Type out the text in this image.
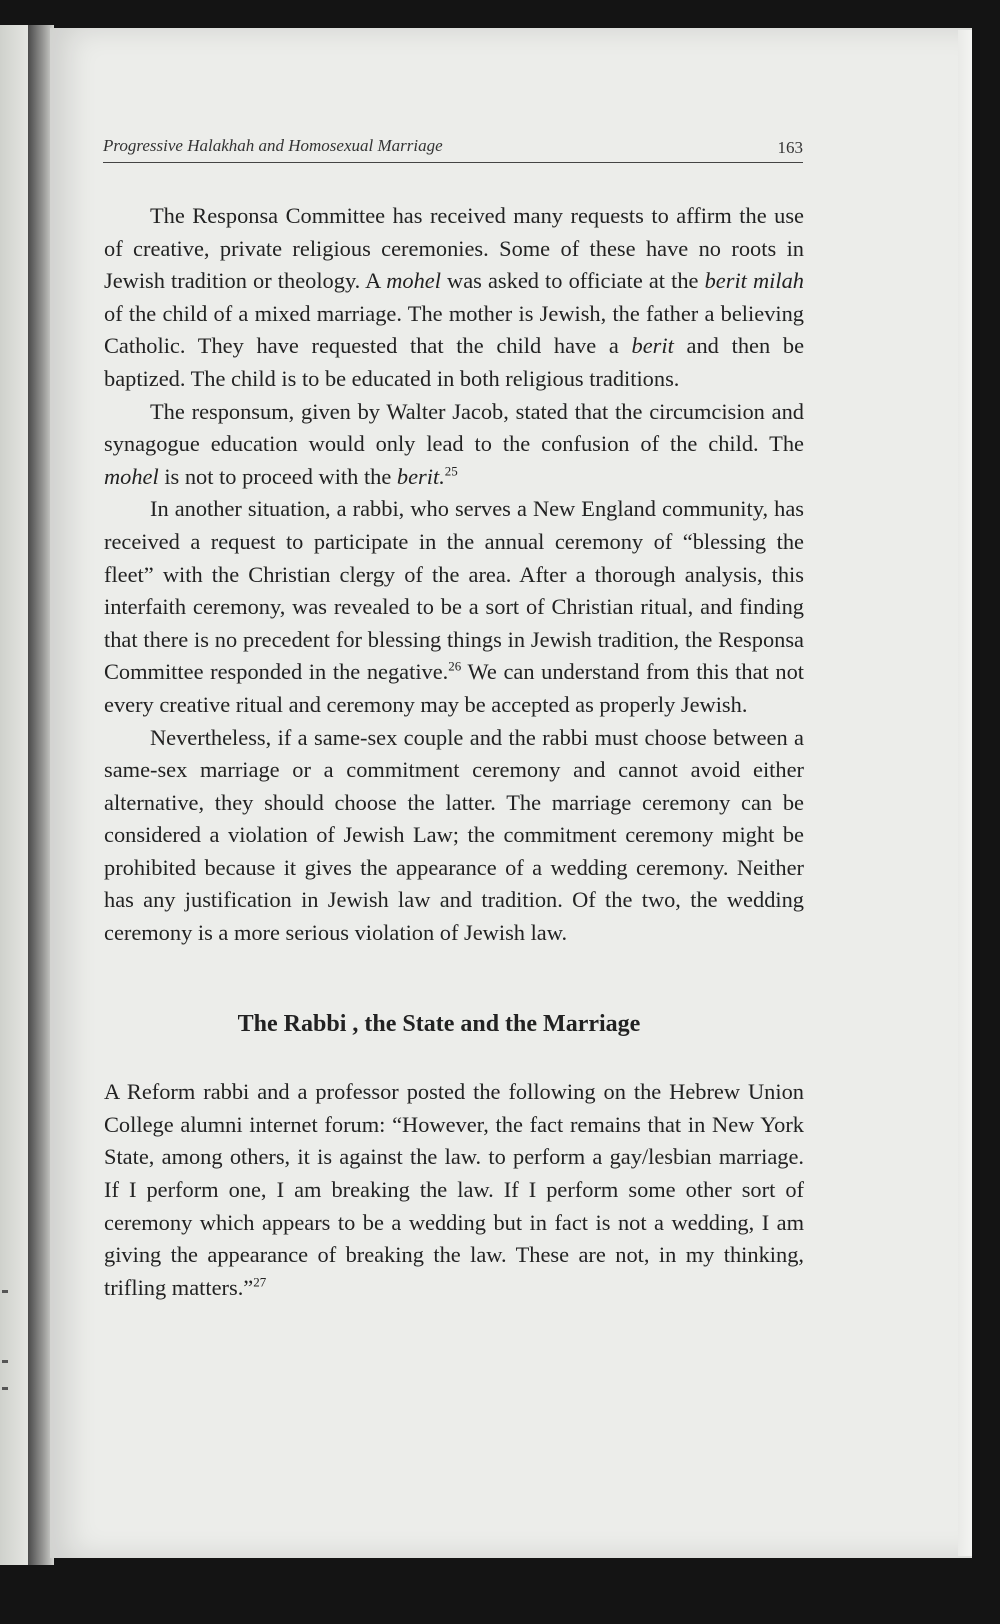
Progressive Halakhah and Homosexual Marriage	163

The Responsa Committee has received many requests to affirm the use of creative, private religious ceremonies. Some of these have no roots in Jewish tradition or theology. A mohel was asked to officiate at the berit milah of the child of a mixed marriage. The mother is Jewish, the father a believing Catholic. They have requested that the child have a berit and then be baptized. The child is to be educated in both religious traditions.

The responsum, given by Walter Jacob, stated that the circumcision and synagogue education would only lead to the confusion of the child. The mohel is not to proceed with the berit.$^{25}$

In another situation, a rabbi, who serves a New England community, has received a request to participate in the annual ceremony of “blessing the fleet” with the Christian clergy of the area. After a thorough analysis, this interfaith ceremony, was revealed to be a sort of Christian ritual, and finding that there is no precedent for blessing things in Jewish tradition, the Responsa Committee responded in the negative.$^{26}$ We can understand from this that not every creative ritual and ceremony may be accepted as properly Jewish.

Nevertheless, if a same-sex couple and the rabbi must choose between a same-sex marriage or a commitment ceremony and cannot avoid either alternative, they should choose the latter. The marriage ceremony can be considered a violation of Jewish Law; the commitment ceremony might be prohibited because it gives the appearance of a wedding ceremony. Neither has any justification in Jewish law and tradition. Of the two, the wedding ceremony is a more serious violation of Jewish law.

The Rabbi , the State and the Marriage

A Reform rabbi and a professor posted the following on the Hebrew Union College alumni internet forum: “However, the fact remains that in New York State, among others, it is against the law. to perform a gay/lesbian marriage. If I perform one, I am breaking the law. If I perform some other sort of ceremony which appears to be a wedding but in fact is not a wedding, I am giving the appearance of breaking the law. These are not, in my thinking, trifling matters.”$^{27}$
